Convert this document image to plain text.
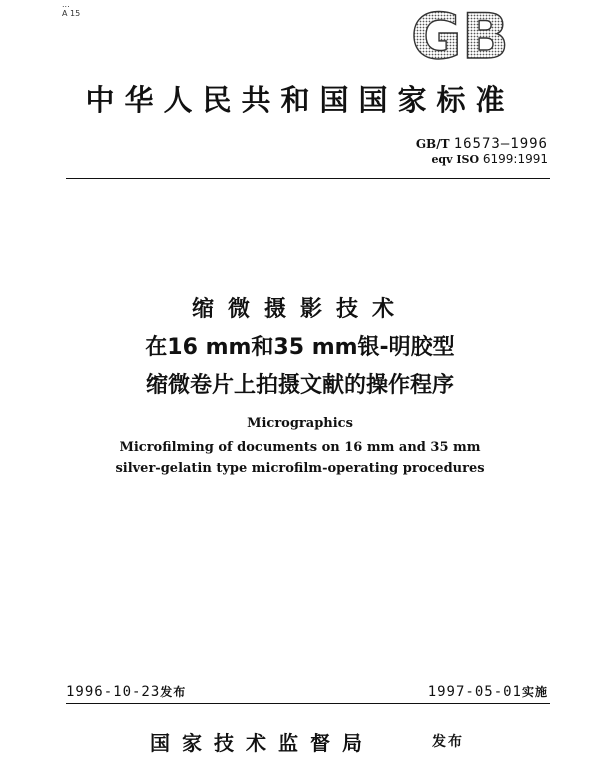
...
A 15	GB
中华人民共和国国家标准
GB/T 16573—1996
eqv ISO 6199:1991
缩微摄影技术
在16 mm和35 mm银-明胶型
缩微卷片上拍摄文献的操作程序
Micrographics
Microfilming of documents on 16 mm and 35 mm
silver-gelatin type microfilm-operating procedures
1996-10-23发布	1997-05-01实施
国家技术监督局	发布
